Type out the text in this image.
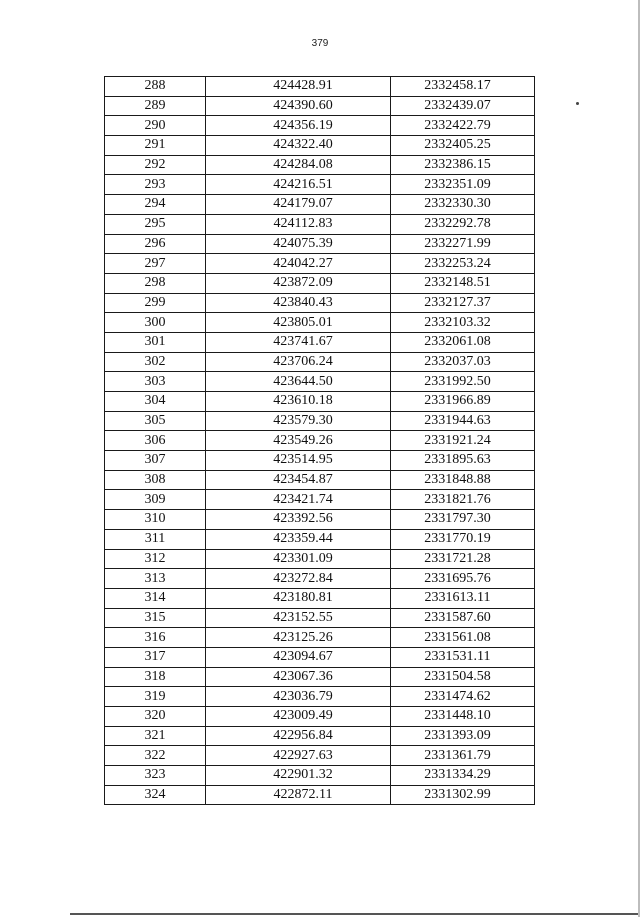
379
288	424428.91	2332458.17
289	424390.60	2332439.07
290	424356.19	2332422.79
291	424322.40	2332405.25
292	424284.08	2332386.15
293	424216.51	2332351.09
294	424179.07	2332330.30
295	424112.83	2332292.78
296	424075.39	2332271.99
297	424042.27	2332253.24
298	423872.09	2332148.51
299	423840.43	2332127.37
300	423805.01	2332103.32
301	423741.67	2332061.08
302	423706.24	2332037.03
303	423644.50	2331992.50
304	423610.18	2331966.89
305	423579.30	2331944.63
306	423549.26	2331921.24
307	423514.95	2331895.63
308	423454.87	2331848.88
309	423421.74	2331821.76
310	423392.56	2331797.30
311	423359.44	2331770.19
312	423301.09	2331721.28
313	423272.84	2331695.76
314	423180.81	2331613.11
315	423152.55	2331587.60
316	423125.26	2331561.08
317	423094.67	2331531.11
318	423067.36	2331504.58
319	423036.79	2331474.62
320	423009.49	2331448.10
321	422956.84	2331393.09
322	422927.63	2331361.79
323	422901.32	2331334.29
324	422872.11	2331302.99
